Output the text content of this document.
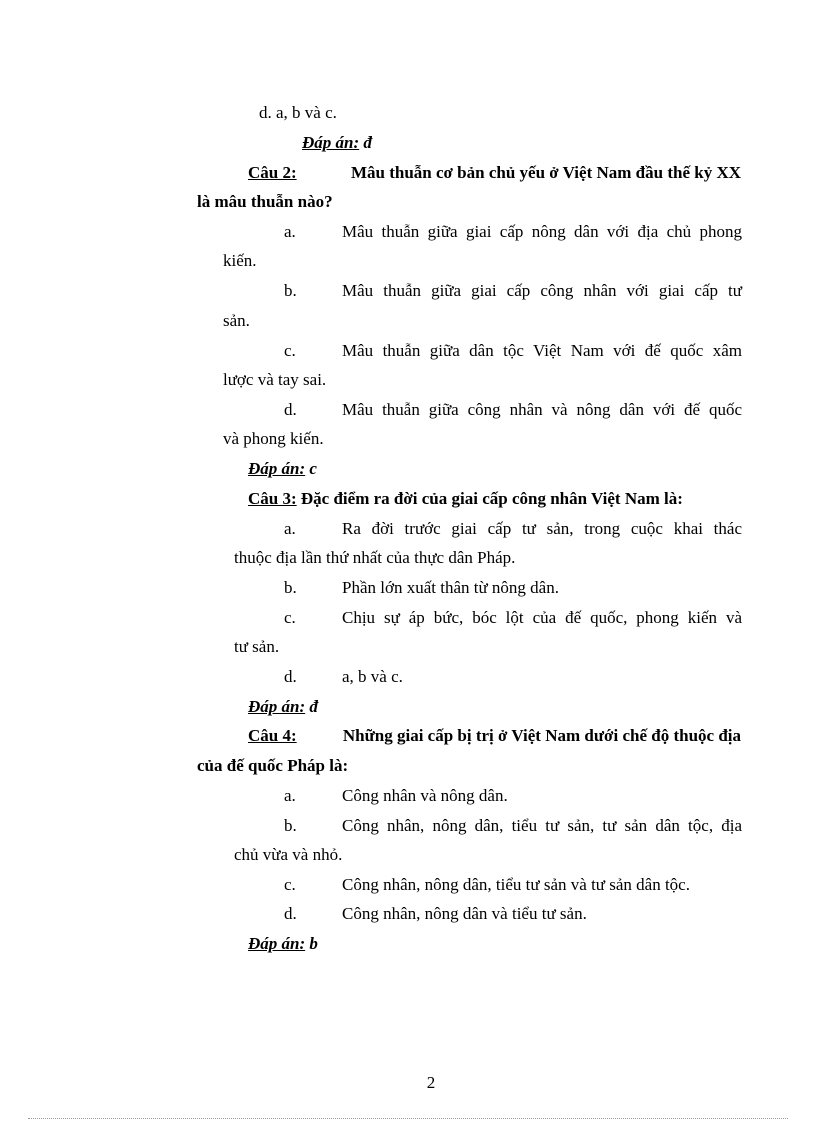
d. a, b và c.
Đáp án: đ
Câu 2:	Mâu thuẫn cơ bản chủ yếu ở Việt Nam đầu thế kỷ XX
là mâu thuẫn nào?
a.	Mâu thuẫn giữa giai cấp nông dân với địa chủ phong
kiến.
b.	Mâu thuẫn giữa giai cấp công nhân với giai cấp tư
sản.
c.	Mâu thuẫn giữa dân tộc Việt Nam với đế quốc xâm
lược và tay sai.
d.	Mâu thuẫn giữa công nhân và nông dân với đế quốc
và phong kiến.
Đáp án: c
Câu 3: Đặc điểm ra đời của giai cấp công nhân Việt Nam là:
a.	Ra đời trước giai cấp tư sản, trong cuộc khai thác
thuộc địa lần thứ nhất của thực dân Pháp.
b.	Phần lớn xuất thân từ nông dân.
c.	Chịu sự áp bức, bóc lột của đế quốc, phong kiến và
tư sản.
d.	a, b và c.
Đáp án: đ
Câu 4:	Những giai cấp bị trị ở Việt Nam dưới chế độ thuộc địa
của đế quốc Pháp là:
a.	Công nhân và nông dân.
b.	Công nhân, nông dân, tiểu tư sản, tư sản dân tộc, địa
chủ vừa và nhỏ.
c.	Công nhân, nông dân, tiểu tư sản và tư sản dân tộc.
d.	Công nhân, nông dân và tiểu tư sản.
Đáp án: b
2
